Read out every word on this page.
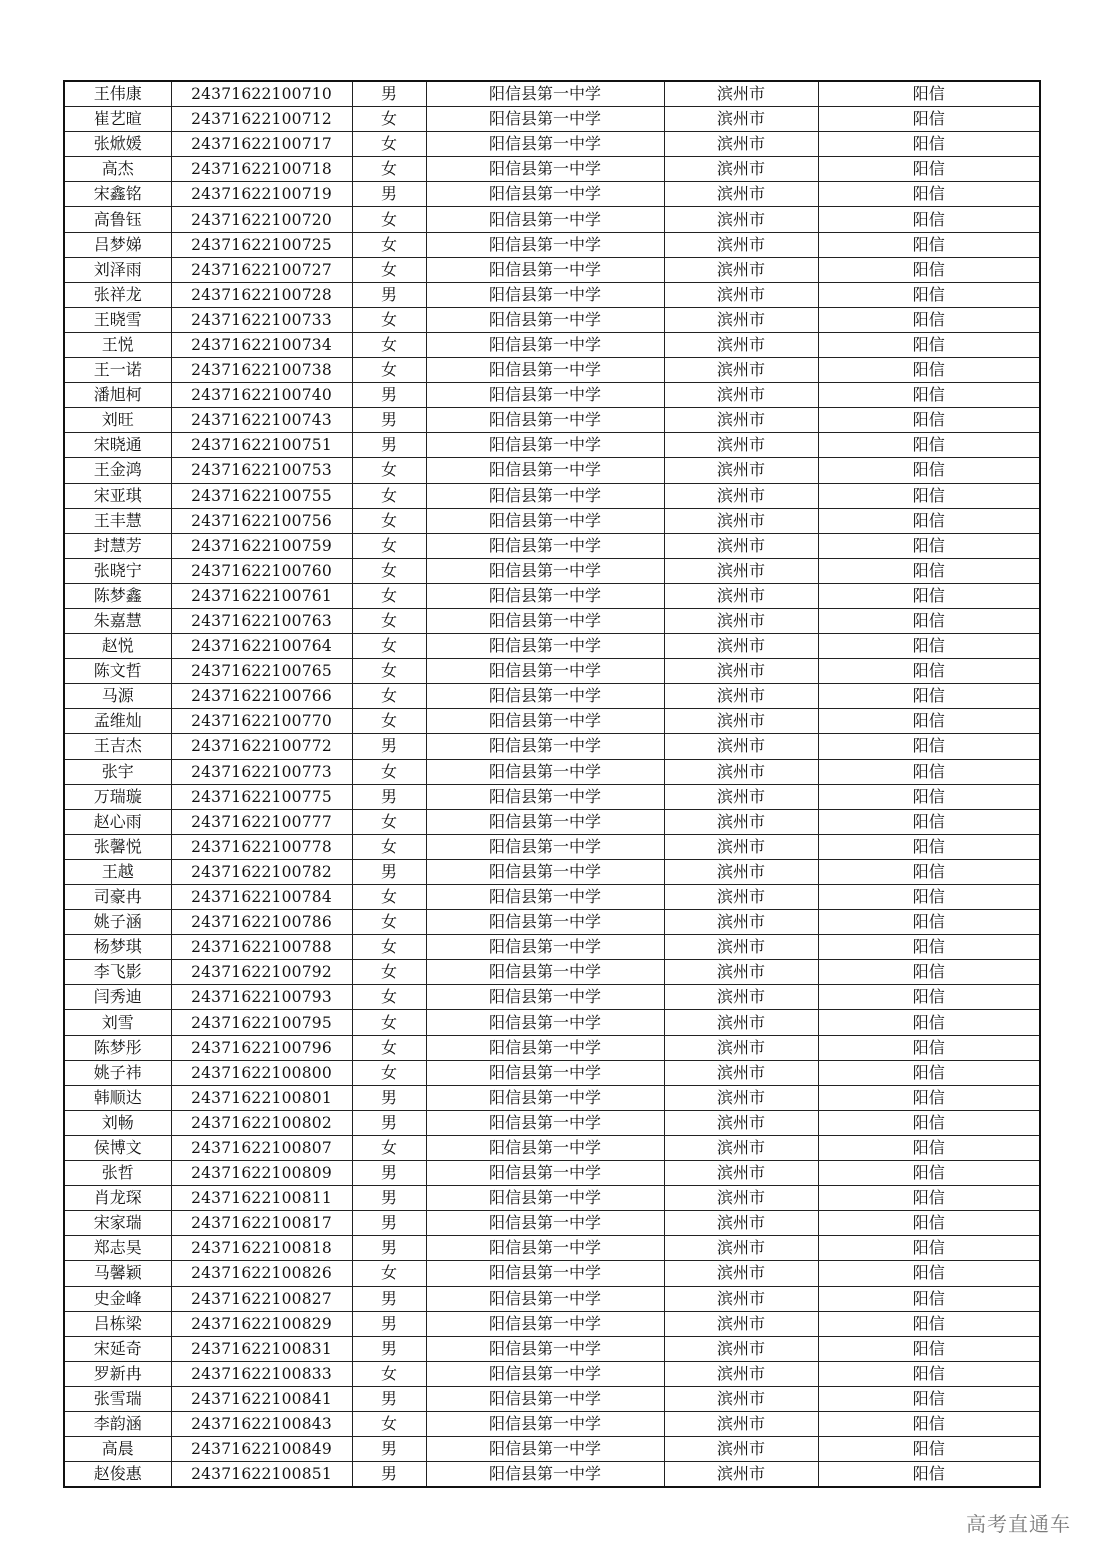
王伟康	24371622100710	男	阳信县第一中学	滨州市	阳信
崔艺暄	24371622100712	女	阳信县第一中学	滨州市	阳信
张焮媛	24371622100717	女	阳信县第一中学	滨州市	阳信
高杰	24371622100718	女	阳信县第一中学	滨州市	阳信
宋鑫铭	24371622100719	男	阳信县第一中学	滨州市	阳信
高鲁钰	24371622100720	女	阳信县第一中学	滨州市	阳信
吕梦娣	24371622100725	女	阳信县第一中学	滨州市	阳信
刘泽雨	24371622100727	女	阳信县第一中学	滨州市	阳信
张祥龙	24371622100728	男	阳信县第一中学	滨州市	阳信
王晓雪	24371622100733	女	阳信县第一中学	滨州市	阳信
王悦	24371622100734	女	阳信县第一中学	滨州市	阳信
王一诺	24371622100738	女	阳信县第一中学	滨州市	阳信
潘旭柯	24371622100740	男	阳信县第一中学	滨州市	阳信
刘旺	24371622100743	男	阳信县第一中学	滨州市	阳信
宋晓通	24371622100751	男	阳信县第一中学	滨州市	阳信
王金鸿	24371622100753	女	阳信县第一中学	滨州市	阳信
宋亚琪	24371622100755	女	阳信县第一中学	滨州市	阳信
王丰慧	24371622100756	女	阳信县第一中学	滨州市	阳信
封慧芳	24371622100759	女	阳信县第一中学	滨州市	阳信
张晓宁	24371622100760	女	阳信县第一中学	滨州市	阳信
陈梦鑫	24371622100761	女	阳信县第一中学	滨州市	阳信
朱嘉慧	24371622100763	女	阳信县第一中学	滨州市	阳信
赵悦	24371622100764	女	阳信县第一中学	滨州市	阳信
陈文哲	24371622100765	女	阳信县第一中学	滨州市	阳信
马源	24371622100766	女	阳信县第一中学	滨州市	阳信
孟维灿	24371622100770	女	阳信县第一中学	滨州市	阳信
王吉杰	24371622100772	男	阳信县第一中学	滨州市	阳信
张宇	24371622100773	女	阳信县第一中学	滨州市	阳信
万瑞璇	24371622100775	男	阳信县第一中学	滨州市	阳信
赵心雨	24371622100777	女	阳信县第一中学	滨州市	阳信
张馨悦	24371622100778	女	阳信县第一中学	滨州市	阳信
王越	24371622100782	男	阳信县第一中学	滨州市	阳信
司豪冉	24371622100784	女	阳信县第一中学	滨州市	阳信
姚子涵	24371622100786	女	阳信县第一中学	滨州市	阳信
杨梦琪	24371622100788	女	阳信县第一中学	滨州市	阳信
李飞影	24371622100792	女	阳信县第一中学	滨州市	阳信
闫秀迪	24371622100793	女	阳信县第一中学	滨州市	阳信
刘雪	24371622100795	女	阳信县第一中学	滨州市	阳信
陈梦彤	24371622100796	女	阳信县第一中学	滨州市	阳信
姚子祎	24371622100800	女	阳信县第一中学	滨州市	阳信
韩顺达	24371622100801	男	阳信县第一中学	滨州市	阳信
刘畅	24371622100802	男	阳信县第一中学	滨州市	阳信
侯博文	24371622100807	女	阳信县第一中学	滨州市	阳信
张哲	24371622100809	男	阳信县第一中学	滨州市	阳信
肖龙琛	24371622100811	男	阳信县第一中学	滨州市	阳信
宋家瑞	24371622100817	男	阳信县第一中学	滨州市	阳信
郑志昊	24371622100818	男	阳信县第一中学	滨州市	阳信
马馨颖	24371622100826	女	阳信县第一中学	滨州市	阳信
史金峰	24371622100827	男	阳信县第一中学	滨州市	阳信
吕栋梁	24371622100829	男	阳信县第一中学	滨州市	阳信
宋延奇	24371622100831	男	阳信县第一中学	滨州市	阳信
罗新冉	24371622100833	女	阳信县第一中学	滨州市	阳信
张雪瑞	24371622100841	男	阳信县第一中学	滨州市	阳信
李韵涵	24371622100843	女	阳信县第一中学	滨州市	阳信
高晨	24371622100849	男	阳信县第一中学	滨州市	阳信
赵俊惠	24371622100851	男	阳信县第一中学	滨州市	阳信
高考直通车
